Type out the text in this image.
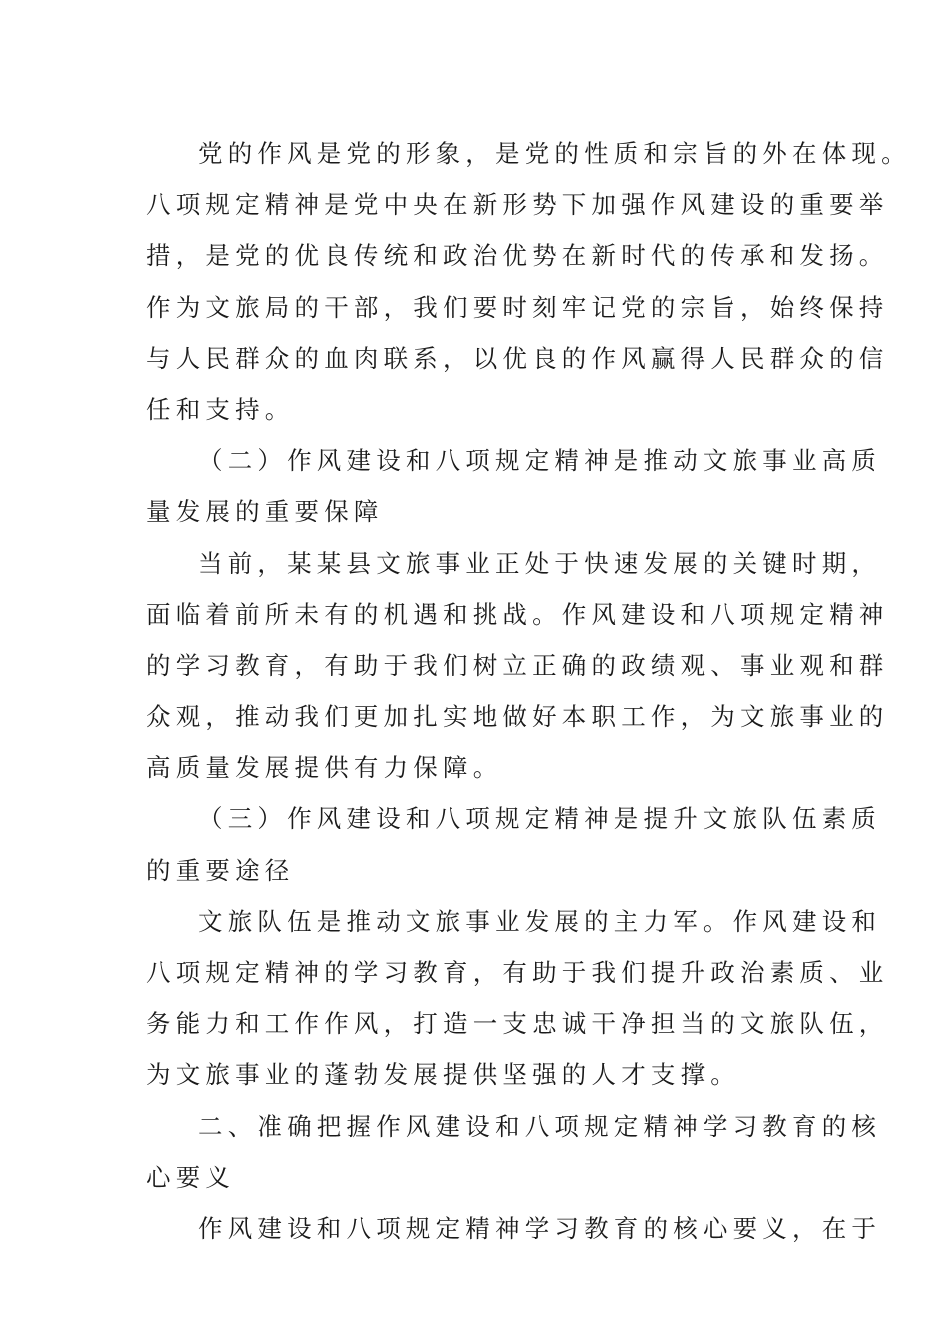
党的作风是党的形象，是党的性质和宗旨的外在体现。
八项规定精神是党中央在新形势下加强作风建设的重要举
措，是党的优良传统和政治优势在新时代的传承和发扬。
作为文旅局的干部，我们要时刻牢记党的宗旨，始终保持
与人民群众的血肉联系，以优良的作风赢得人民群众的信
任和支持。
（二）作风建设和八项规定精神是推动文旅事业高质
量发展的重要保障
当前，某某县文旅事业正处于快速发展的关键时期，
面临着前所未有的机遇和挑战。作风建设和八项规定精神
的学习教育，有助于我们树立正确的政绩观、事业观和群
众观，推动我们更加扎实地做好本职工作，为文旅事业的
高质量发展提供有力保障。
（三）作风建设和八项规定精神是提升文旅队伍素质
的重要途径
文旅队伍是推动文旅事业发展的主力军。作风建设和
八项规定精神的学习教育，有助于我们提升政治素质、业
务能力和工作作风，打造一支忠诚干净担当的文旅队伍，
为文旅事业的蓬勃发展提供坚强的人才支撑。
二、准确把握作风建设和八项规定精神学习教育的核
心要义
作风建设和八项规定精神学习教育的核心要义，在于
